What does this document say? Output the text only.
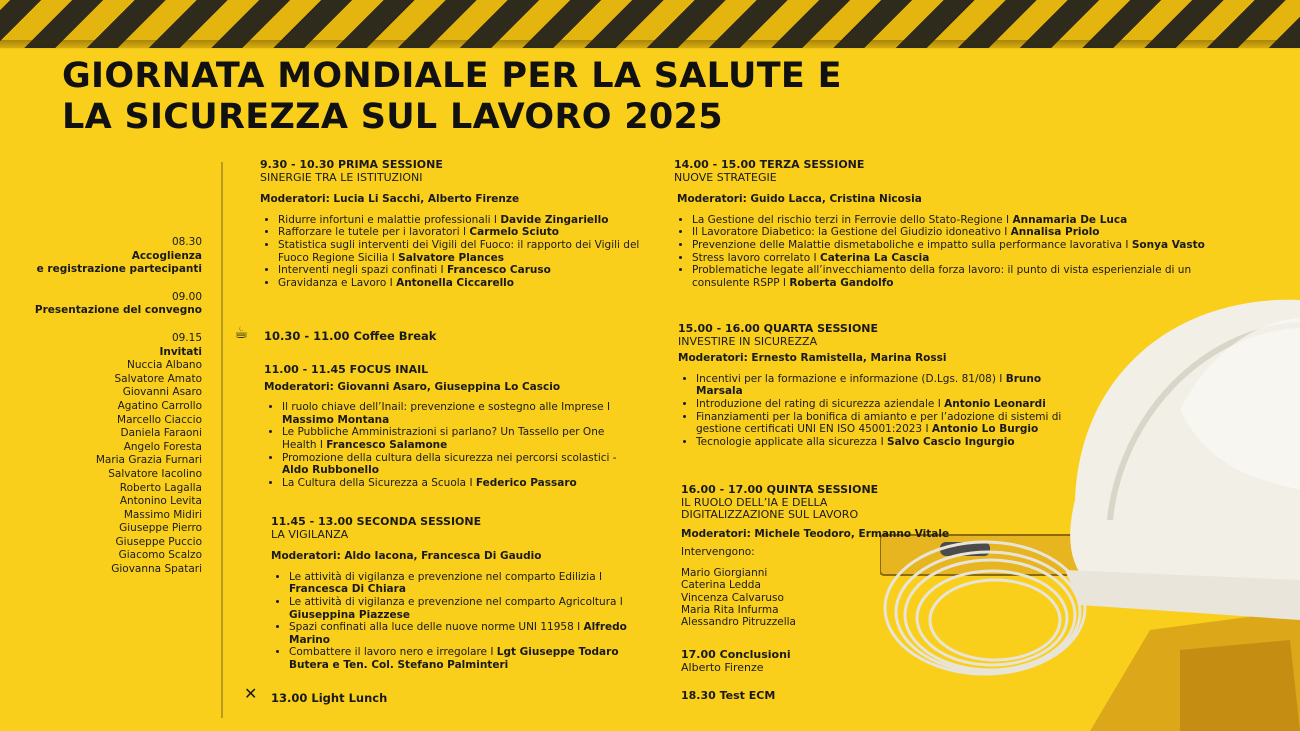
GIORNATA MONDIALE PER LA SALUTE E
LA SICUREZZA SUL LAVORO 2025
08.30
Accoglienza
e registrazione partecipanti
09.00
Presentazione del convegno
09.15
Invitati
Nuccia Albano
Salvatore Amato
Giovanni Asaro
Agatino Carrollo
Marcello Ciaccio
Daniela Faraoni
Angelo Foresta
Maria Grazia Furnari
Salvatore Iacolino
Roberto Lagalla
Antonino Levita
Massimo Midiri
Giuseppe Pierro
Giuseppe Puccio
Giacomo Scalzo
Giovanna Spatari
9.30 - 10.30 PRIMA SESSIONE
SINERGIE TRA LE ISTITUZIONI
Moderatori: Lucia Li Sacchi, Alberto Firenze
• Ridurre infortuni e malattie professionali I Davide Zingariello
• Rafforzare le tutele per i lavoratori I Carmelo Sciuto
• Statistica sugli interventi dei Vigili del Fuoco: il rapporto dei Vigili del Fuoco Regione Sicilia I Salvatore Plances
• Interventi negli spazi confinati I Francesco Caruso
• Gravidanza e Lavoro I Antonella Ciccarello
☕ 10.30 - 11.00 Coffee Break
11.00 - 11.45 FOCUS INAIL
Moderatori: Giovanni Asaro, Giuseppina Lo Cascio
• Il ruolo chiave dell’Inail: prevenzione e sostegno alle Imprese I Massimo Montana
• Le Pubbliche Amministrazioni si parlano? Un Tassello per One Health I Francesco Salamone
• Promozione della cultura della sicurezza nei percorsi scolastici - Aldo Rubbonello
• La Cultura della Sicurezza a Scuola I Federico Passaro
11.45 - 13.00 SECONDA SESSIONE
LA VIGILANZA
Moderatori: Aldo Iacona, Francesca Di Gaudio
• Le attività di vigilanza e prevenzione nel comparto Edilizia I Francesca Di Chiara
• Le attività di vigilanza e prevenzione nel comparto Agricoltura I Giuseppina Piazzese
• Spazi confinati alla luce delle nuove norme UNI 11958 I Alfredo Marino
• Combattere il lavoro nero e irregolare I Lgt Giuseppe Todaro Butera e Ten. Col. Stefano Palminteri
✕ 13.00 Light Lunch
14.00 - 15.00 TERZA SESSIONE
NUOVE STRATEGIE
Moderatori: Guido Lacca, Cristina Nicosia
• La Gestione del rischio terzi in Ferrovie dello Stato-Regione I Annamaria De Luca
• Il Lavoratore Diabetico: la Gestione del Giudizio idoneativo I Annalisa Priolo
• Prevenzione delle Malattie dismetaboliche e impatto sulla performance lavorativa I Sonya Vasto
• Stress lavoro correlato I Caterina La Cascia
• Problematiche legate all’invecchiamento della forza lavoro: il punto di vista esperienziale di un consulente RSPP I Roberta Gandolfo
15.00 - 16.00 QUARTA SESSIONE
INVESTIRE IN SICUREZZA
Moderatori: Ernesto Ramistella, Marina Rossi
• Incentivi per la formazione e informazione (D.Lgs. 81/08) I Bruno Marsala
• Introduzione del rating di sicurezza aziendale I Antonio Leonardi
• Finanziamenti per la bonifica di amianto e per l’adozione di sistemi di gestione certificati UNI EN ISO 45001:2023 I Antonio Lo Burgio
• Tecnologie applicate alla sicurezza I Salvo Cascio Ingurgio
16.00 - 17.00 QUINTA SESSIONE
IL RUOLO DELL’IA E DELLA
DIGITALIZZAZIONE SUL LAVORO
Moderatori: Michele Teodoro, Ermanno Vitale
Intervengono:
Mario Giorgianni
Caterina Ledda
Vincenza Calvaruso
Maria Rita Infurma
Alessandro Pitruzzella
17.00 Conclusioni
Alberto Firenze
18.30 Test ECM
